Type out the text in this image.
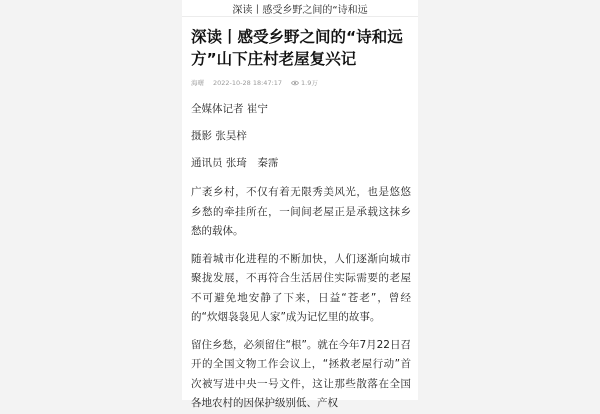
深读丨感受乡野之间的“诗和远
深读丨感受乡野之间的“诗和远方”山下庄村老屋复兴记
海曙 2022-10-28 18:47:17	1.9万
全媒体记者 崔宁
摄影 张昊梓
通讯员 张琦　秦霈

广袤乡村，不仅有着无限秀美风光，也是悠悠乡愁的牵挂所在，一间间老屋正是承载这抹乡愁的载体。

随着城市化进程的不断加快，人们逐渐向城市聚拢发展，不再符合生活居住实际需要的老屋不可避免地安静了下来，日益“苍老”，曾经的“炊烟袅袅见人家”成为记忆里的故事。

留住乡愁，必须留住“根”。就在今年7月22日召开的全国文物工作会议上，“拯救老屋行动”首次被写进中央一号文件，这让那些散落在全国各地农村的因保护级别低、产权
